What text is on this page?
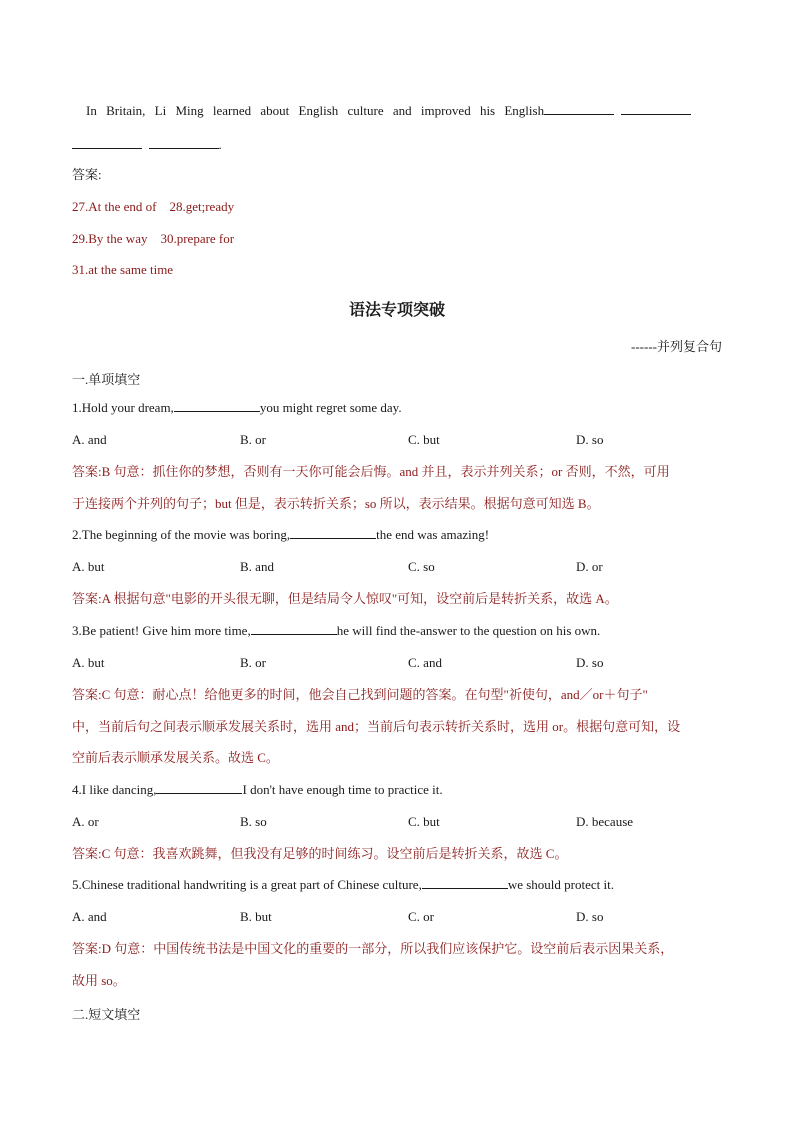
In Britain, Li Ming learned about English culture and improved his English
.
答案:
27.At the end of 28.get;ready
29.By the way 30.prepare for
31.at the same time
语法专项突破
------并列复合句
一.单项填空
1.Hold your dream,	you might regret some day.
A. and	B. or	C. but	D. so
答案:B 句意：抓住你的梦想，否则有一天你可能会后悔。and 并且，表示并列关系；or 否则，不然，可用
于连接两个并列的句子；but 但是，表示转折关系；so 所以，表示结果。根据句意可知选 B。
2.The beginning of the movie was boring,	the end was amazing!
A. but	B. and	C. so	D. or
答案:A 根据句意"电影的开头很无聊，但是结局令人惊叹"可知，设空前后是转折关系，故选 A。
3.Be patient! Give him more time,	he will find the-answer to the question on his own.
A. but	B. or	C. and	D. so
答案:C 句意：耐心点！给他更多的时间，他会自己找到问题的答案。在句型"祈使句，and／or＋句子"
中，当前后句之间表示顺承发展关系时，选用 and；当前后句表示转折关系时，选用 or。根据句意可知，设
空前后表示顺承发展关系。故选 C。
4.I like dancing,	I don't have enough time to practice it.
A. or	B. so	C. but	D. because
答案:C 句意：我喜欢跳舞，但我没有足够的时间练习。设空前后是转折关系，故选 C。
5.Chinese traditional handwriting is a great part of Chinese culture,	we should protect it.
A. and	B. but	C. or	D. so
答案:D 句意：中国传统书法是中国文化的重要的一部分，所以我们应该保护它。设空前后表示因果关系，
故用 so。
二.短文填空
